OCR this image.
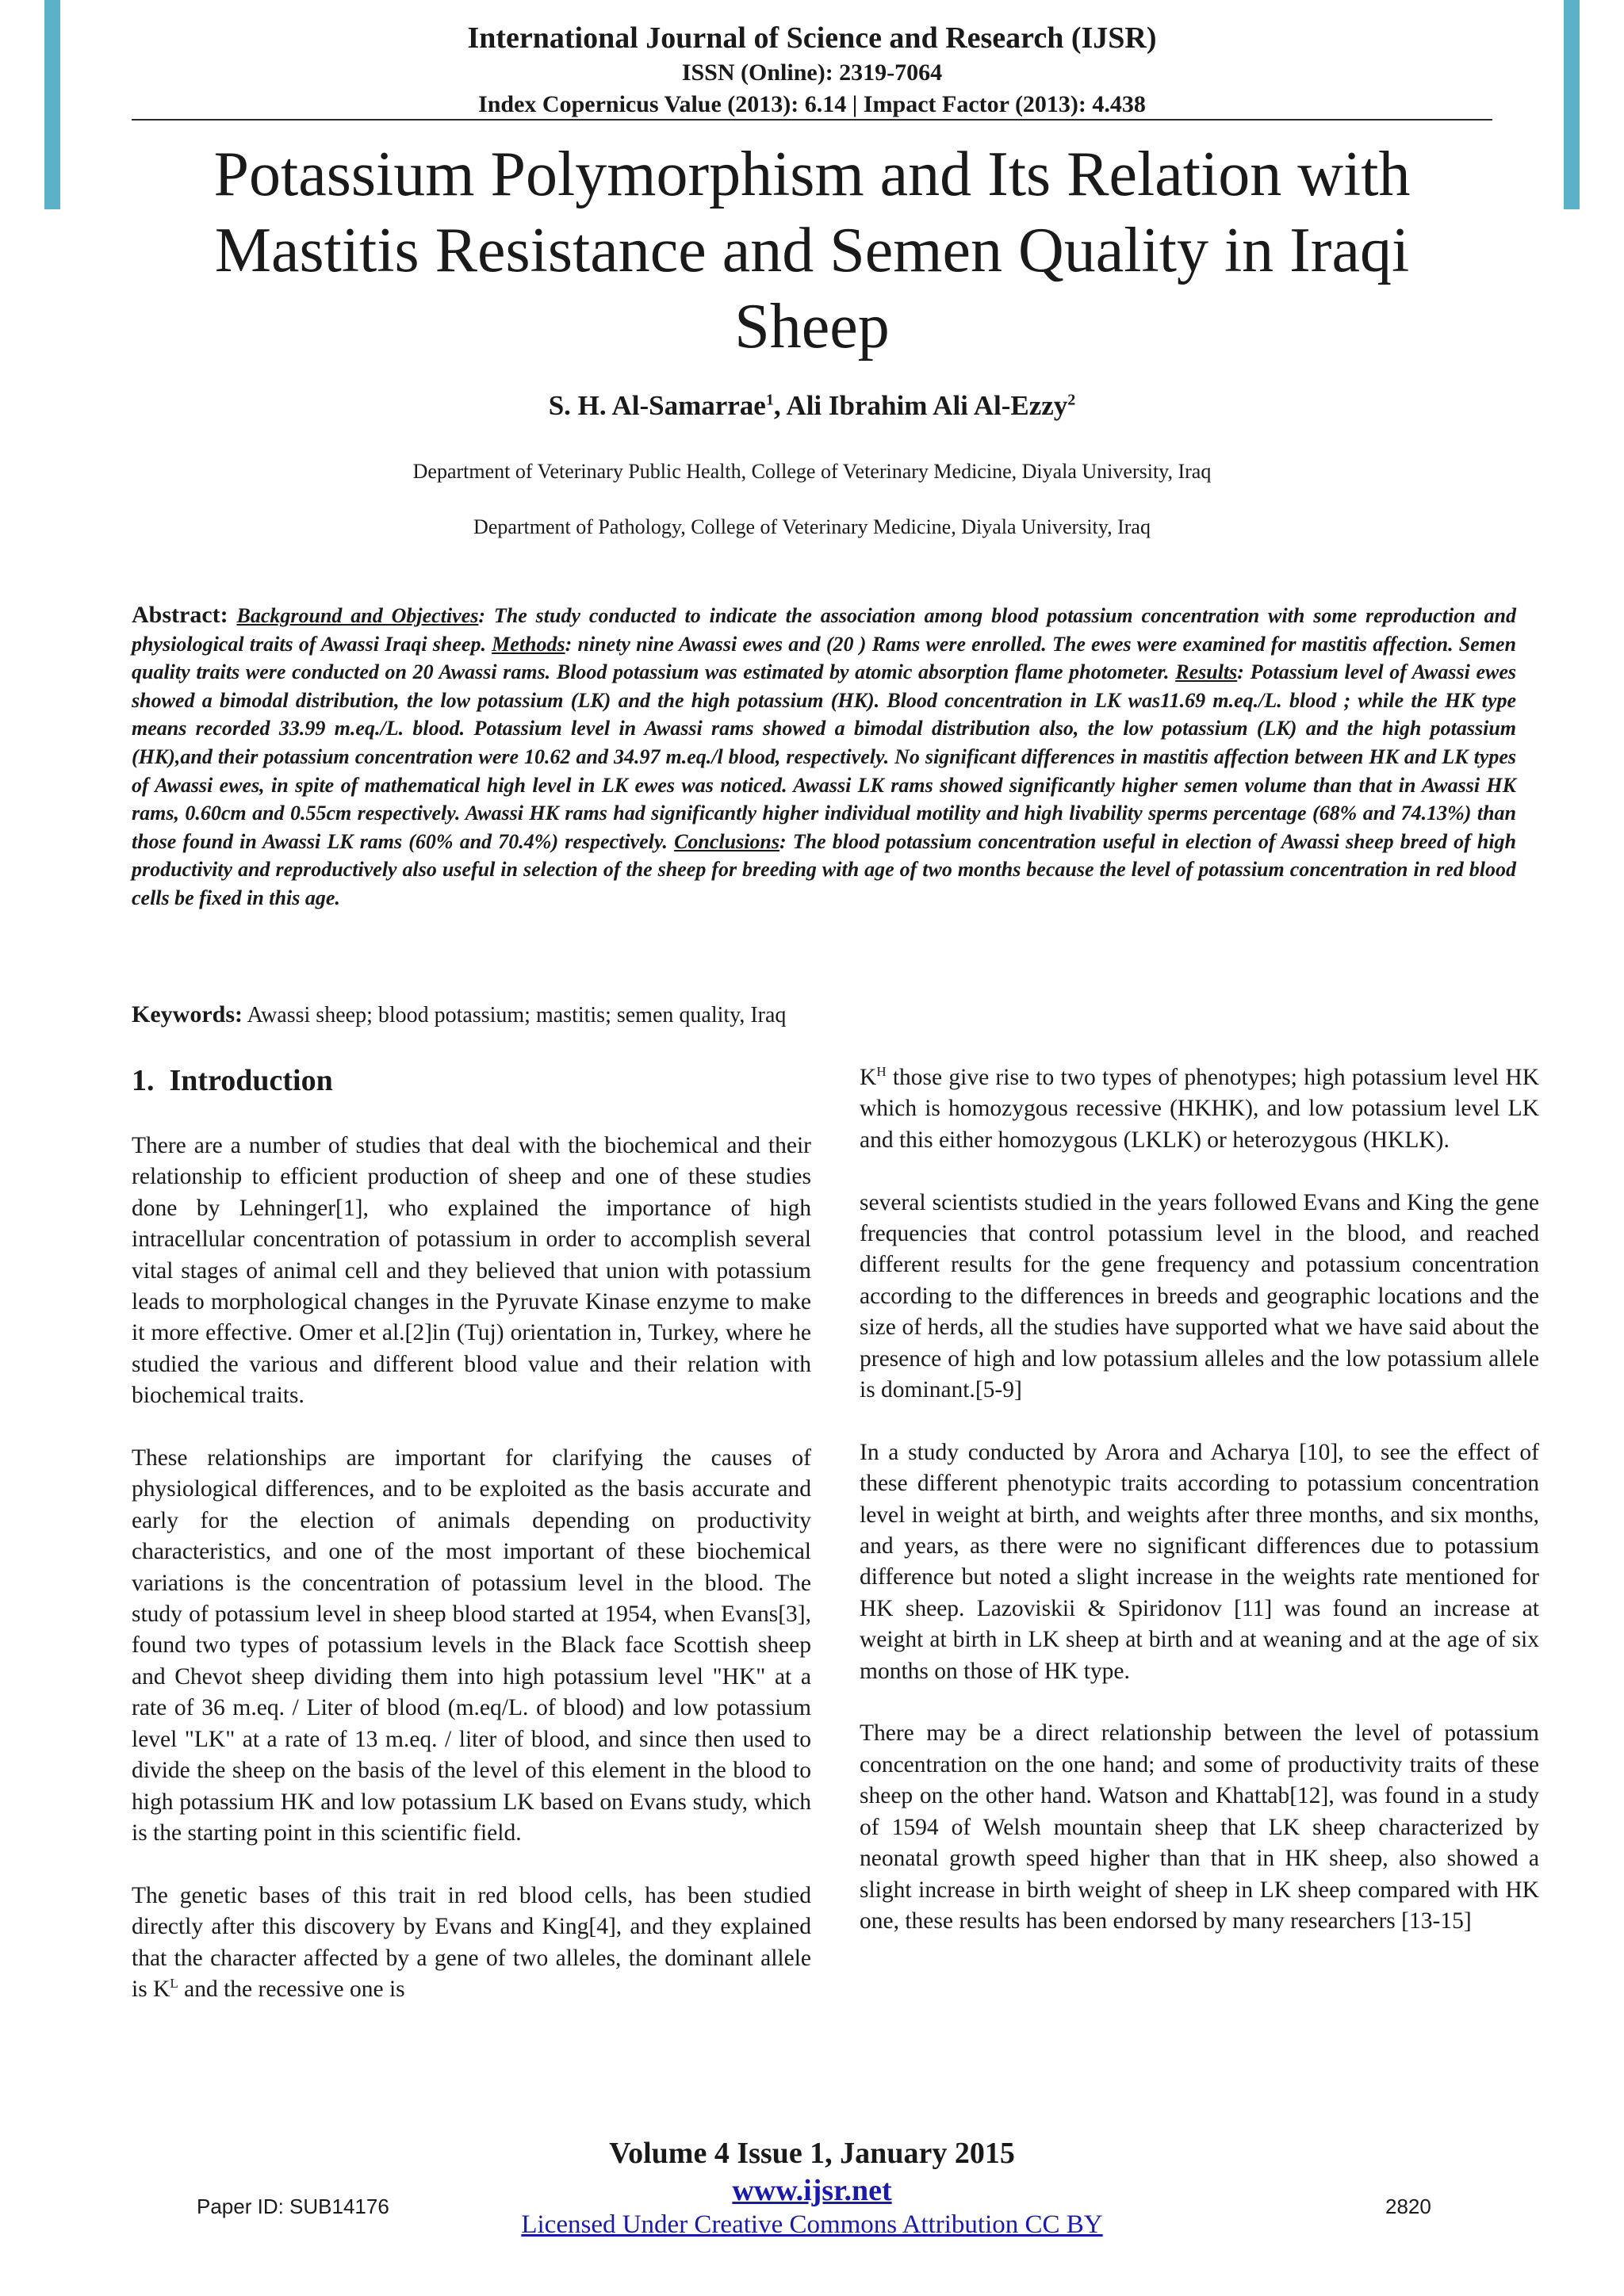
International Journal of Science and Research (IJSR)
ISSN (Online): 2319-7064
Index Copernicus Value (2013): 6.14 | Impact Factor (2013): 4.438
Potassium Polymorphism and Its Relation with Mastitis Resistance and Semen Quality in Iraqi Sheep
S. H. Al-Samarrae$^1$, Ali Ibrahim Ali Al-Ezzy$^2$
Department of Veterinary Public Health, College of Veterinary Medicine, Diyala University, Iraq
Department of Pathology, College of Veterinary Medicine, Diyala University, Iraq
Abstract: Background and Objectives: The study conducted to indicate the association among blood potassium concentration with some reproduction and physiological traits of Awassi Iraqi sheep. Methods: ninety nine Awassi ewes and (20 ) Rams were enrolled. The ewes were examined for mastitis affection. Semen quality traits were conducted on 20 Awassi rams. Blood potassium was estimated by atomic absorption flame photometer. Results: Potassium level of Awassi ewes showed a bimodal distribution, the low potassium (LK) and the high potassium (HK). Blood concentration in LK was11.69 m.eq./L. blood ; while the HK type means recorded 33.99 m.eq./L. blood. Potassium level in Awassi rams showed a bimodal distribution also, the low potassium (LK) and the high potassium (HK),and their potassium concentration were 10.62 and 34.97 m.eq./l blood, respectively. No significant differences in mastitis affection between HK and LK types of Awassi ewes, in spite of mathematical high level in LK ewes was noticed. Awassi LK rams showed significantly higher semen volume than that in Awassi HK rams, 0.60cm and 0.55cm respectively. Awassi HK rams had significantly higher individual motility and high livability sperms percentage (68% and 74.13%) than those found in Awassi LK rams (60% and 70.4%) respectively. Conclusions: The blood potassium concentration useful in election of Awassi sheep breed of high productivity and reproductively also useful in selection of the sheep for breeding with age of two months because the level of potassium concentration in red blood cells be fixed in this age.
Keywords: Awassi sheep; blood potassium; mastitis; semen quality, Iraq
1.  Introduction

There are a number of studies that deal with the biochemical and their relationship to efficient production of sheep and one of these studies done by Lehninger[1], who explained the importance of high intracellular concentration of potassium in order to accomplish several vital stages of animal cell and they believed that union with potassium leads to morphological changes in the Pyruvate Kinase enzyme to make it more effective. Omer et al.[2]in (Tuj) orientation in, Turkey, where he studied the various and different blood value and their relation with biochemical traits.

These relationships are important for clarifying the causes of physiological differences, and to be exploited as the basis accurate and early for the election of animals depending on productivity characteristics, and one of the most important of these biochemical variations is the concentration of potassium level in the blood. The study of potassium level in sheep blood started at 1954, when Evans[3], found two types of potassium levels in the Black face Scottish sheep and Chevot sheep dividing them into high potassium level "HK" at a rate of 36 m.eq. / Liter of blood (m.eq/L. of blood) and low potassium level "LK" at a rate of 13 m.eq. / liter of blood, and since then used to divide the sheep on the basis of the level of this element in the blood to high potassium HK and low potassium LK based on Evans study, which is the starting point in this scientific field.

The genetic bases of this trait in red blood cells, has been studied directly after this discovery by Evans and King[4], and they explained that the character affected by a gene of two alleles, the dominant allele is $K^L$ and the recessive one is

$K^H$ those give rise to two types of phenotypes; high potassium level HK which is homozygous recessive (HKHK), and low potassium level LK and this either homozygous (LKLK) or heterozygous (HKLK).

several scientists studied in the years followed Evans and King the gene frequencies that control potassium level in the blood, and reached different results for the gene frequency and potassium concentration according to the differences in breeds and geographic locations and the size of herds, all the studies have supported what we have said about the presence of high and low potassium alleles and the low potassium allele is dominant.[5-9]

In a study conducted by Arora and Acharya [10], to see the effect of these different phenotypic traits according to potassium concentration level in weight at birth, and weights after three months, and six months, and years, as there were no significant differences due to potassium difference but noted a slight increase in the weights rate mentioned for HK sheep. Lazoviskii & Spiridonov [11] was found an increase at weight at birth in LK sheep at birth and at weaning and at the age of six months on those of HK type.

There may be a direct relationship between the level of potassium concentration on the one hand; and some of productivity traits of these sheep on the other hand. Watson and Khattab[12], was found in a study of 1594 of Welsh mountain sheep that LK sheep characterized by neonatal growth speed higher than that in HK sheep, also showed a slight increase in birth weight of sheep in LK sheep compared with HK one, these results has been endorsed by many researchers [13-15]

Volume 4 Issue 1, January 2015
www.ijsr.net
Licensed Under Creative Commons Attribution CC BY
Paper ID: SUB14176	2820
